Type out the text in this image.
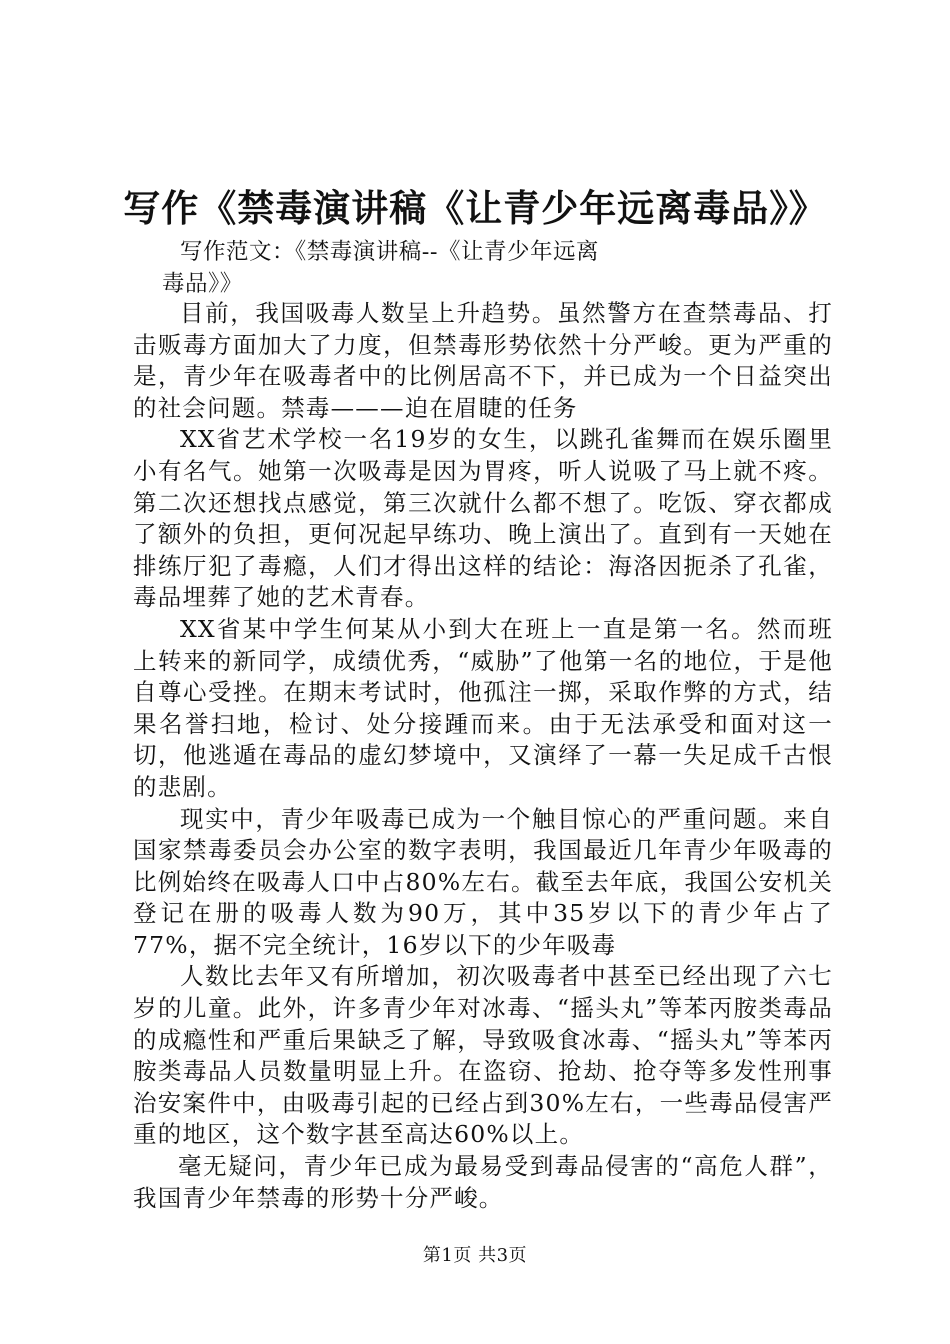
写作《禁毒演讲稿《让青少年远离毒品》》
写作范文：《禁毒演讲稿--《让青少年远离
毒品》》

目前，我国吸毒人数呈上升趋势。虽然警方在查禁毒品、打击贩毒方面加大了力度，但禁毒形势依然十分严峻。更为严重的是，青少年在吸毒者中的比例居高不下，并已成为一个日益突出的社会问题。禁毒———迫在眉睫的任务

XX省艺术学校一名19岁的女生，以跳孔雀舞而在娱乐圈里小有名气。她第一次吸毒是因为胃疼，听人说吸了马上就不疼。第二次还想找点感觉，第三次就什么都不想了。吃饭、穿衣都成了额外的负担，更何况起早练功、晚上演出了。直到有一天她在排练厅犯了毒瘾，人们才得出这样的结论：海洛因扼杀了孔雀，毒品埋葬了她的艺术青春。

XX省某中学生何某从小到大在班上一直是第一名。然而班上转来的新同学，成绩优秀，“威胁”了他第一名的地位，于是他自尊心受挫。在期末考试时，他孤注一掷，采取作弊的方式，结果名誉扫地，检讨、处分接踵而来。由于无法承受和面对这一切，他逃遁在毒品的虚幻梦境中，又演绎了一幕一失足成千古恨的悲剧。

现实中，青少年吸毒已成为一个触目惊心的严重问题。来自国家禁毒委员会办公室的数字表明，我国最近几年青少年吸毒的比例始终在吸毒人口中占80%左右。截至去年底，我国公安机关登记在册的吸毒人数为90万，其中35岁以下的青少年占了77%，据不完全统计，16岁以下的少年吸毒

人数比去年又有所增加，初次吸毒者中甚至已经出现了六七岁的儿童。此外，许多青少年对冰毒、“摇头丸”等苯丙胺类毒品的成瘾性和严重后果缺乏了解，导致吸食冰毒、“摇头丸”等苯丙胺类毒品人员数量明显上升。在盗窃、抢劫、抢夺等多发性刑事治安案件中，由吸毒引起的已经占到30%左右，一些毒品侵害严重的地区，这个数字甚至高达60%以上。

毫无疑问，青少年已成为最易受到毒品侵害的“高危人群”，我国青少年禁毒的形势十分严峻。

第1页 共3页
